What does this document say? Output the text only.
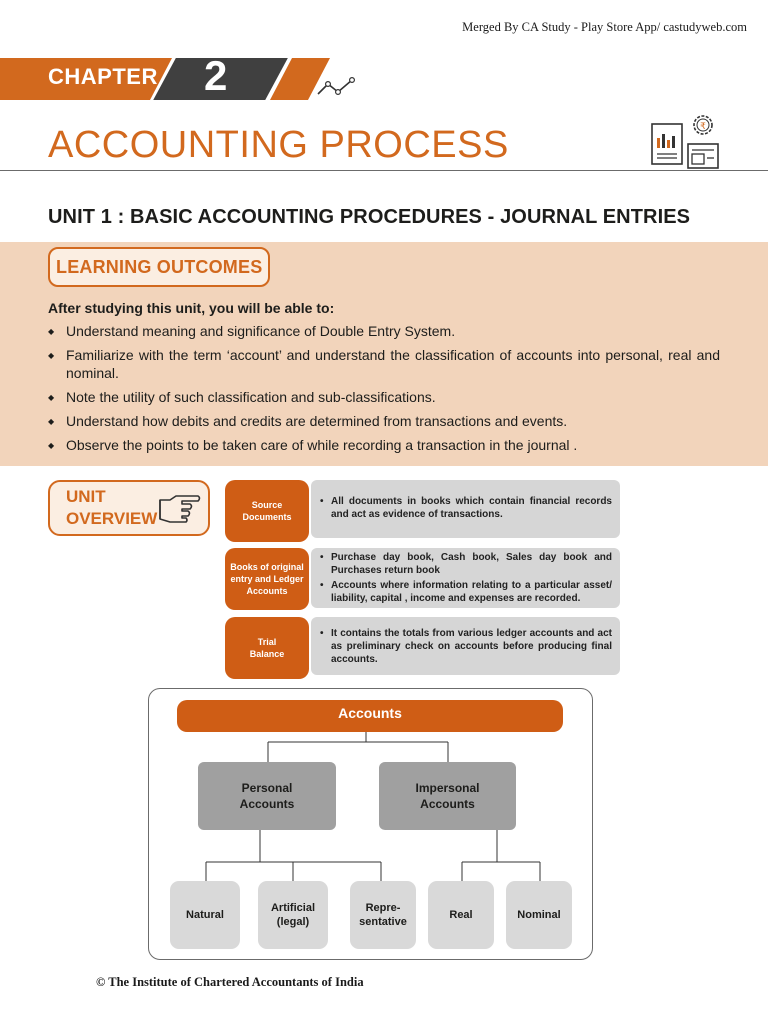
Merged By CA Study - Play Store App/ castudyweb.com
CHAPTER 2
ACCOUNTING PROCESS	₹
UNIT 1 : BASIC ACCOUNTING PROCEDURES - JOURNAL ENTRIES
LEARNING OUTCOMES
After studying this unit, you will be able to:
◆ Understand meaning and significance of Double Entry System.
◆ Familiarize with the term ‘account’ and understand the classification of accounts into personal, real and nominal.
◆ Note the utility of such classification and sub-classifications.
◆ Understand how debits and credits are determined from transactions and events.
◆ Observe the points to be taken care of while recording a transaction in the journal .
UNIT
OVERVIEW
Source
Documents
• All documents in books which contain financial records and act as evidence of transactions.
Books of original
entry and Ledger
Accounts
• Purchase day book, Cash book, Sales day book and Purchases return book
• Accounts where information relating to a particular asset/ liability, capital , income and expenses are recorded.
Trial
Balance
• It contains the totals from various ledger accounts and act as preliminary check on accounts before producing final accounts.
Accounts
Personal
Accounts
Impersonal
Accounts
Natural
Artificial
(legal)
Repre-
sentative
Real	Nominal
© The Institute of Chartered Accountants of India
